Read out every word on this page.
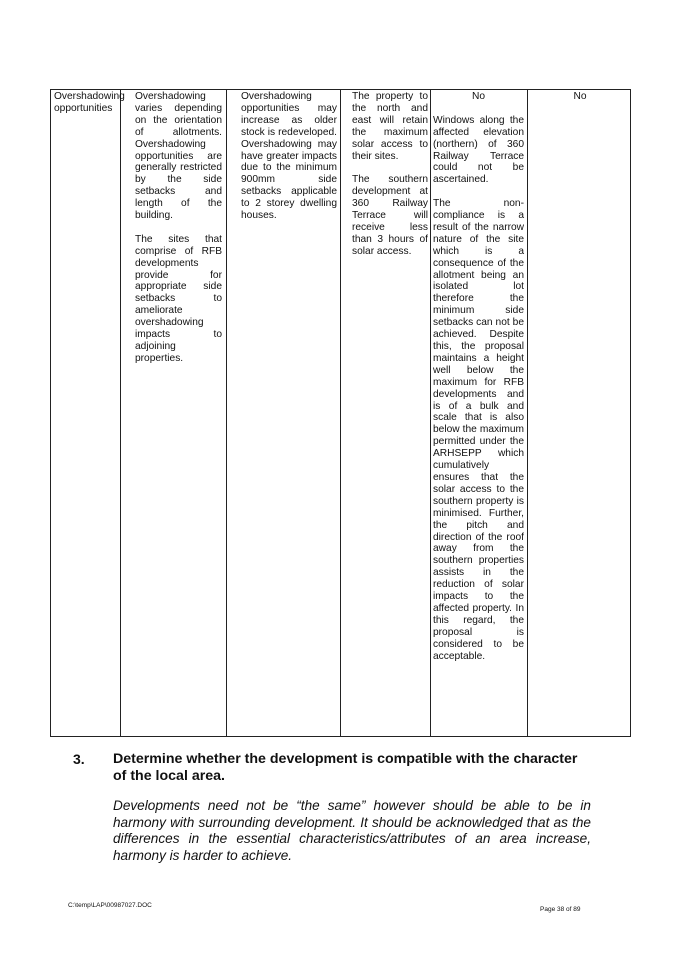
Overshadowing opportunities

Overshadowing varies depending on the orientation of allotments. Overshadowing opportunities are generally restricted by the side setbacks and length of the building.

The sites that comprise of RFB developments provide for appropriate side setbacks to ameliorate overshadowing impacts to adjoining properties.

Overshadowing opportunities may increase as older stock is redeveloped. Overshadowing may have greater impacts due to the minimum 900mm side setbacks applicable to 2 storey dwelling houses.

The property to the north and east will retain the maximum solar access to their sites.

The southern development at 360 Railway Terrace will receive less than 3 hours of solar access.

No

Windows along the affected elevation (northern) of 360 Railway Terrace could not be ascertained.

The non-compliance is a result of the narrow nature of the site which is a consequence of the allotment being an isolated lot therefore the minimum side setbacks can not be achieved. Despite this, the proposal maintains a height well below the maximum for RFB developments and is of a bulk and scale that is also below the maximum permitted under the ARHSEPP which cumulatively ensures that the solar access to the southern property is minimised. Further, the pitch and direction of the roof away from the southern properties assists in the reduction of solar impacts to the affected property. In this regard, the proposal is considered to be acceptable.

No
3. Determine whether the development is compatible with the character of the local area.
Developments need not be “the same” however should be able to be in harmony with surrounding development. It should be acknowledged that as the differences in the essential characteristics/attributes of an area increase, harmony is harder to achieve.
C:\temp\LAP\00987027.DOC
Page 38 of 89
